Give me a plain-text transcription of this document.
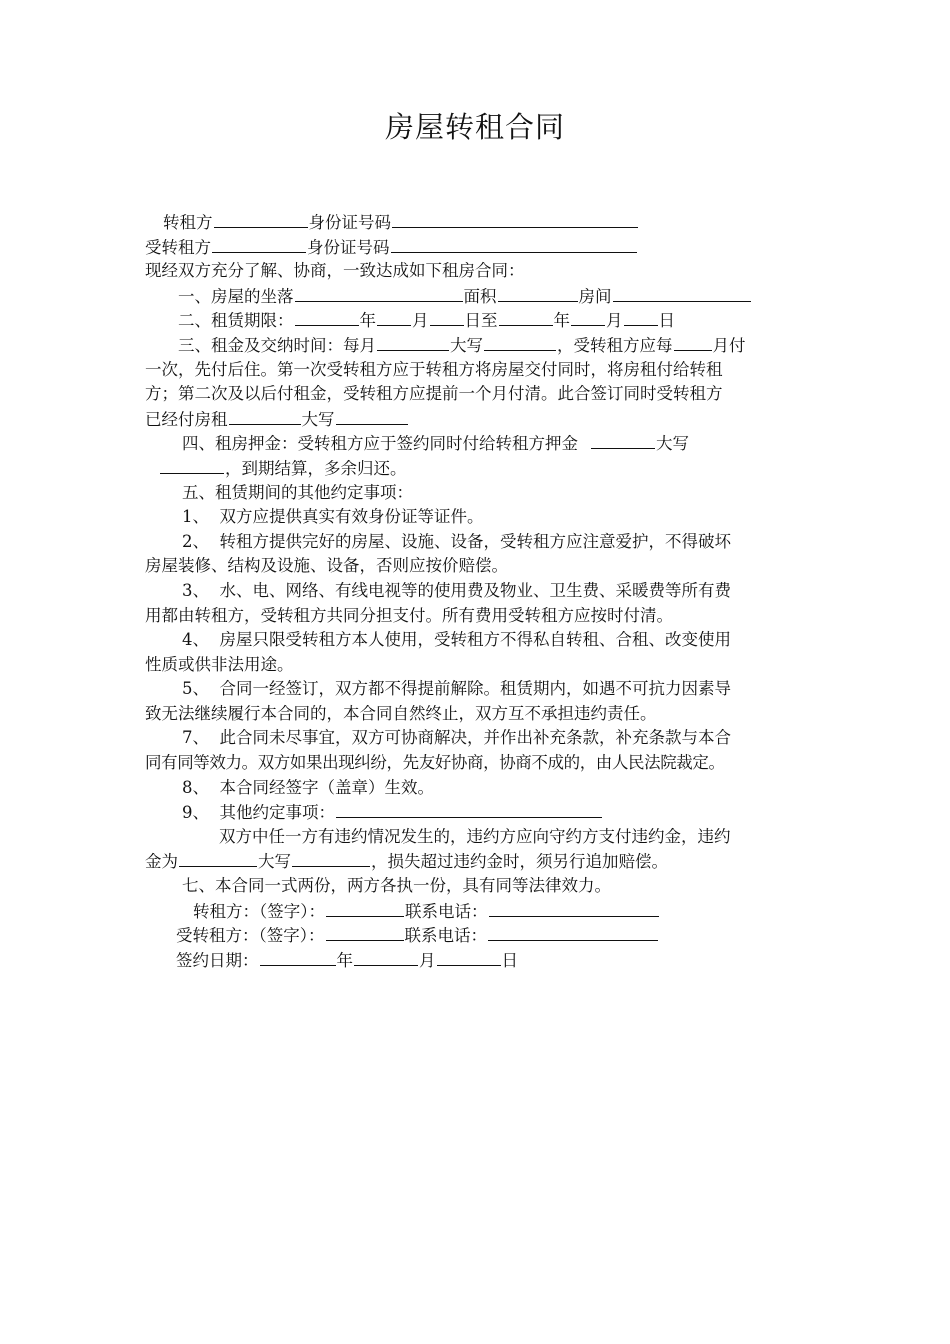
房屋转租合同
转租方	身份证号码
受转租方	身份证号码
现经双方充分了解、协商，一致达成如下租房合同：
一、房屋的坐落	面积	房间
二、租赁期限：	年 月 日至	年 月 日
三、租金及交纳时间：每月	大写	，受转租方应每 月付
一次，先付后住。第一次受转租方应于转租方将房屋交付同时，将房租付给转租
方；第二次及以后付租金，受转租方应提前一个月付清。此合签订同时受转租方
已经付房租	大写
四、租房押金：受转租方应于签约同时付给转租方押金	大写
，到期结算，多余归还。
五、租赁期间的其他约定事项：
1、 双方应提供真实有效身份证等证件。
2、 转租方提供完好的房屋、设施、设备，受转租方应注意爱护，不得破坏
房屋装修、结构及设施、设备，否则应按价赔偿。
3、 水、电、网络、有线电视等的使用费及物业、卫生费、采暖费等所有费
用都由转租方，受转租方共同分担支付。所有费用受转租方应按时付清。
4、 房屋只限受转租方本人使用，受转租方不得私自转租、合租、改变使用
性质或供非法用途。
5、 合同一经签订，双方都不得提前解除。租赁期内，如遇不可抗力因素导
致无法继续履行本合同的，本合同自然终止，双方互不承担违约责任。
7、 此合同未尽事宜，双方可协商解决，并作出补充条款，补充条款与本合
同有同等效力。双方如果出现纠纷，先友好协商，协商不成的，由人民法院裁定。
8、 本合同经签字（盖章）生效。
9、 其他约定事项：
双方中任一方有违约情况发生的，违约方应向守约方支付违约金，违约
金为	大写	，损失超过违约金时，须另行追加赔偿。
七、本合同一式两份，两方各执一份，具有同等法律效力。
转租方：（签字）：	联系电话：
受转租方：（签字）：	联系电话：
签约日期：	年	月	日
